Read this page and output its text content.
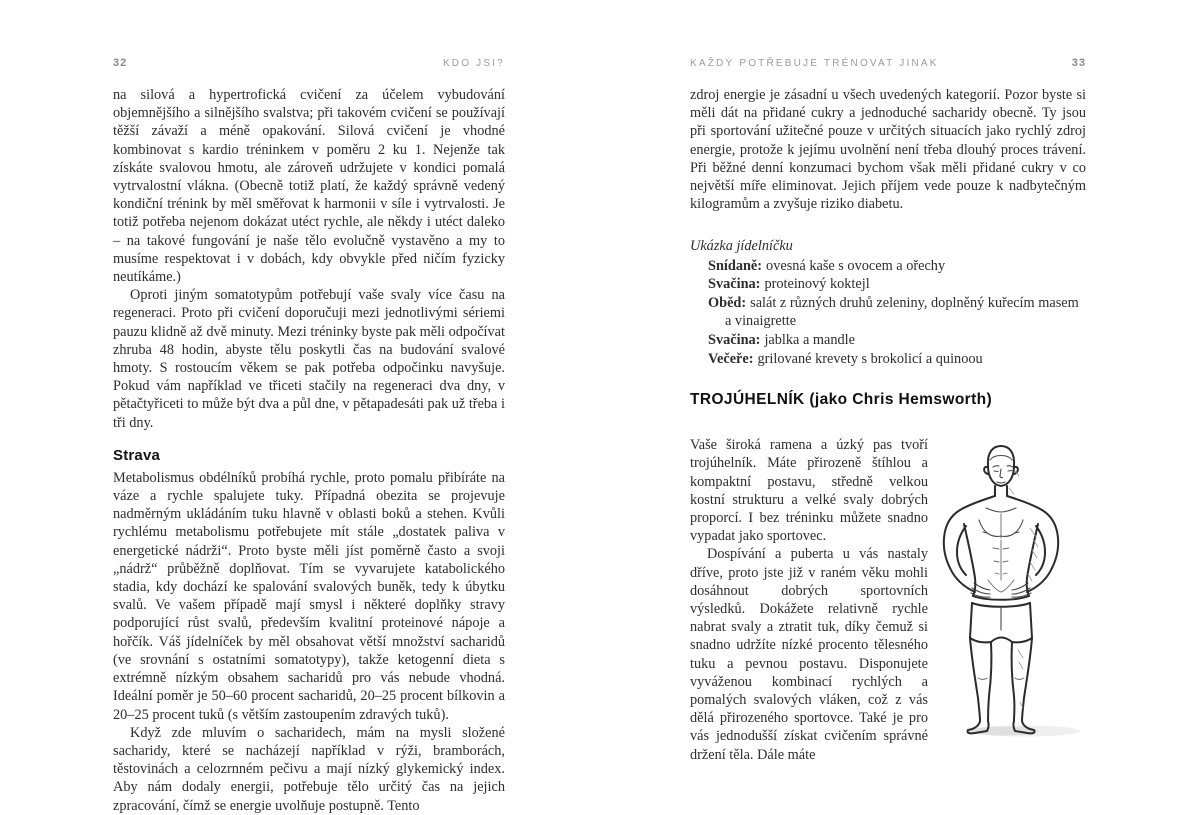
32	KDO JSI?	KAŽDÝ POTŘEBUJE TRÉNOVAT JINAK	33

na silová a hypertrofická cvičení za účelem vybudování objemnějšího a silnějšího svalstva; při takovém cvičení se používají těžší závaží a méně opakování. Silová cvičení je vhodné kombinovat s kardio tréninkem v poměru 2 ku 1. Nejenže tak získáte svalovou hmotu, ale zároveň udržujete v kondici pomalá vytrvalostní vlákna. (Obecně totiž platí, že každý správně vedený kondiční trénink by měl směřovat k harmonii v síle i vytrvalosti. Je totiž potřeba nejenom dokázat utéct rychle, ale někdy i utéct daleko – na takové fungování je naše tělo evolučně vystavěno a my to musíme respektovat i v dobách, kdy obvykle před ničím fyzicky neutíkáme.)

Oproti jiným somatotypům potřebují vaše svaly více času na regeneraci. Proto při cvičení doporučuji mezi jednotlivými sériemi pauzu klidně až dvě minuty. Mezi tréninky byste pak měli odpočívat zhruba 48 hodin, abyste tělu poskytli čas na budování svalové hmoty. S rostoucím věkem se pak potřeba odpočinku navyšuje. Pokud vám například ve třiceti stačily na regeneraci dva dny, v pětačtyřiceti to může být dva a půl dne, v pětapadesáti pak už třeba i tři dny.

Strava

Metabolismus obdélníků probíhá rychle, proto pomalu přibíráte na váze a rychle spalujete tuky. Případná obezita se projevuje nadměrným ukládáním tuku hlavně v oblasti boků a stehen. Kvůli rychlému metabolismu potřebujete mít stále „dostatek paliva v energetické nádrži“. Proto byste měli jíst poměrně často a svoji „nádrž“ průběžně doplňovat. Tím se vyvarujete katabolického stadia, kdy dochází ke spalování svalových buněk, tedy k úbytku svalů. Ve vašem případě mají smysl i některé doplňky stravy podporující růst svalů, především kvalitní proteinové nápoje a hořčík. Váš jídelníček by měl obsahovat větší množství sacharidů (ve srovnání s ostatními somatotypy), takže ketogenní dieta s extrémně nízkým obsahem sacharidů pro vás nebude vhodná. Ideální poměr je 50–60 procent sacharidů, 20–25 procent bílkovin a 20–25 procent tuků (s větším zastoupením zdravých tuků).

Když zde mluvím o sacharidech, mám na mysli složené sacharidy, které se nacházejí například v rýži, bramborách, těstovinách a celozrnném pečivu a mají nízký glykemický index. Aby nám dodaly energii, potřebuje tělo určitý čas na jejich zpracování, čímž se energie uvolňuje postupně. Tento

zdroj energie je zásadní u všech uvedených kategorií. Pozor byste si měli dát na přidané cukry a jednoduché sacharidy obecně. Ty jsou při sportování užitečné pouze v určitých situacích jako rychlý zdroj energie, protože k jejímu uvolnění není třeba dlouhý proces trávení. Při běžné denní konzumaci bychom však měli přidané cukry v co největší míře eliminovat. Jejich příjem vede pouze k nadbytečným kilogramům a zvyšuje riziko diabetu.

Ukázka jídelníčku

Snídaně: ovesná kaše s ovocem a ořechy
Svačina: proteinový koktejl
Oběd: salát z různých druhů zeleniny, doplněný kuřecím masem a vinaigrette
Svačina: jablka a mandle
Večeře: grilované krevety s brokolicí a quinoou
TROJÚHELNÍK (jako Chris Hemsworth)

Vaše široká ramena a úzký pas tvoří trojúhelník. Máte přirozeně štíhlou a kompaktní postavu, středně velkou kostní strukturu a velké svaly dobrých proporcí. I bez tréninku můžete snadno vypadat jako sportovec.

Dospívání a puberta u vás nastaly dříve, proto jste již v raném věku mohli dosáhnout dobrých sportovních výsledků. Dokážete relativně rychle nabrat svaly a ztratit tuk, díky čemuž si snadno udržíte nízké procento tělesného tuku a pevnou postavu. Disponujete vyváženou kombinací rychlých a pomalých svalových vláken, což z vás dělá přirozeného sportovce. Také je pro vás jednodušší získat cvičením správné držení těla. Dále máte
